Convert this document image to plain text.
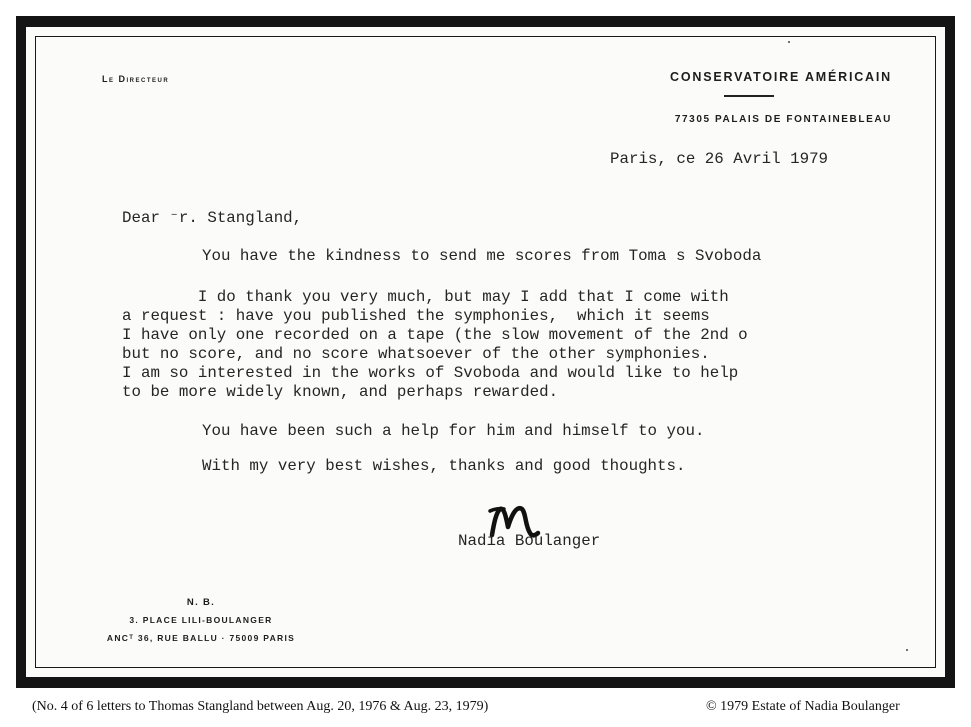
Le Directeur	CONSERVATOIRE AMÉRICAIN
77305 PALAIS DE FONTAINEBLEAU
Paris, ce 26 Avril 1979
Dear ⁻r. Stangland,
You have the kindness to send me scores from Toma s Svoboda
I do thank you very much, but may I add that I come with
a request : have you published the symphonies,  which it seems
I have only one recorded on a tape (the slow movement of the 2nd o
but no score, and no score whatsoever of the other symphonies.
I am so interested in the works of Svoboda and would like to help
to be more widely known, and perhaps rewarded.
You have been such a help for him and himself to you.
With my very best wishes, thanks and good thoughts.
Nadia Boulanger
N. B.
3. PLACE LILI-BOULANGER
ANCᵀ 36, RUE BALLU · 75009 PARIS
(No. 4 of 6 letters to Thomas Stangland between Aug. 20, 1976 & Aug. 23, 1979)	© 1979 Estate of Nadia Boulanger
